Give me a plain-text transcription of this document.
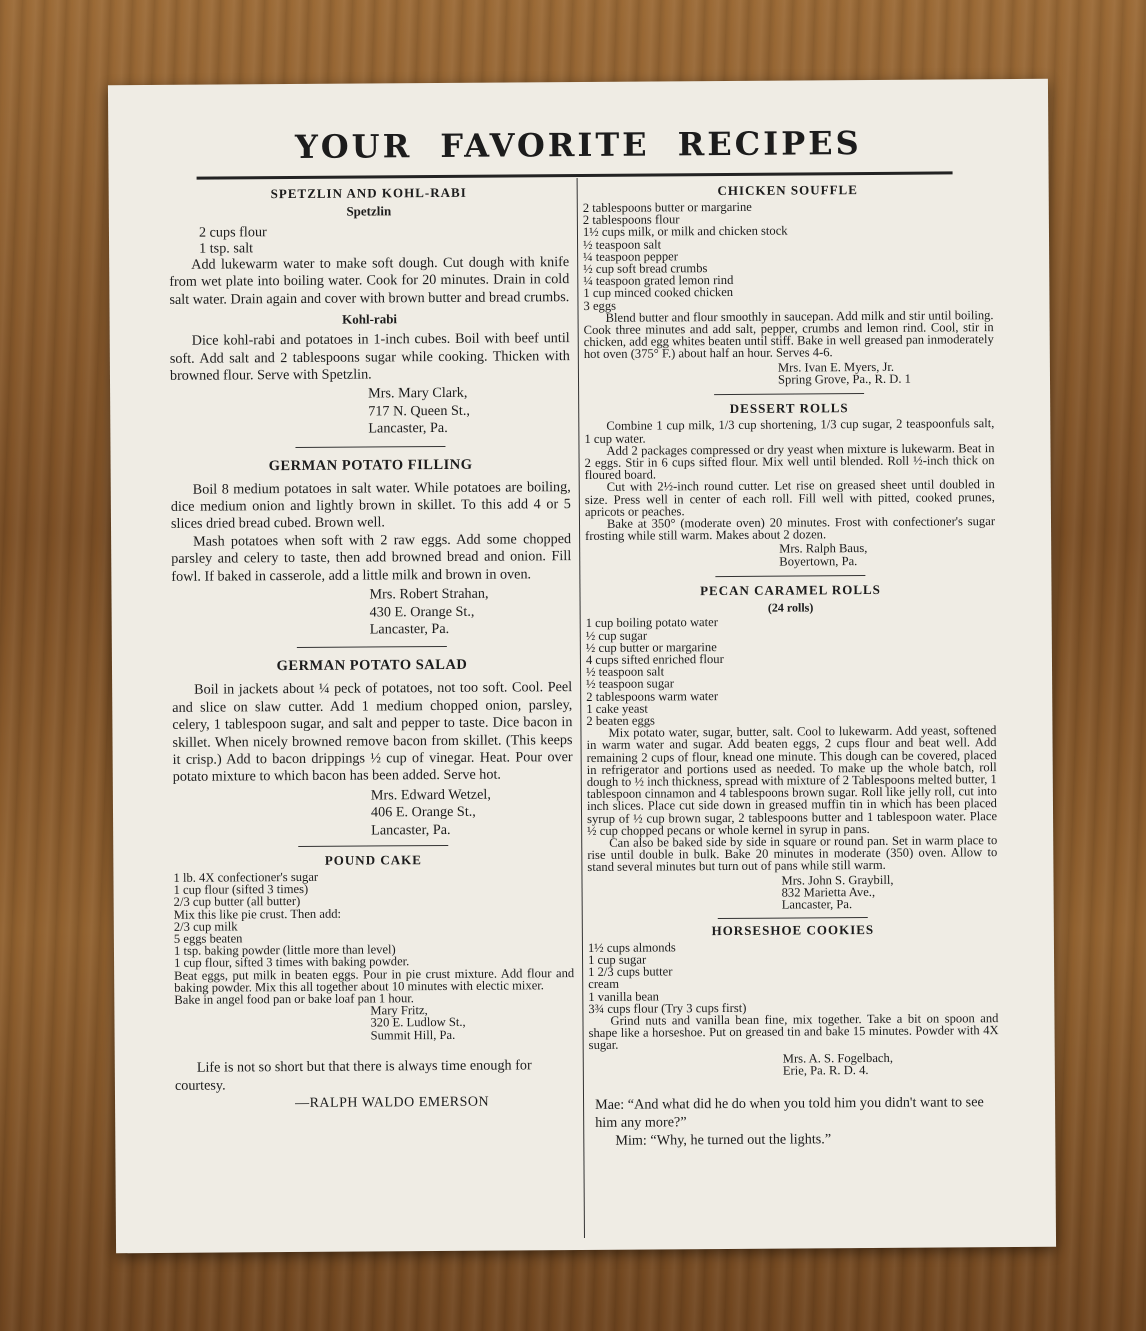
YOUR FAVORITE RECIPES
SPETZLIN AND KOHL-RABI
Spetzlin
2 cups flour
1 tsp. salt

Add lukewarm water to make soft dough. Cut dough with knife from wet plate into boiling water. Cook for 20 minutes. Drain in cold salt water. Drain again and cover with brown butter and bread crumbs.

Kohl-rabi

Dice kohl-rabi and potatoes in 1-inch cubes. Boil with beef until soft. Add salt and 2 tablespoons sugar while cooking. Thicken with browned flour. Serve with Spetzlin.

Mrs. Mary Clark,
717 N. Queen St.,
Lancaster, Pa.
GERMAN POTATO FILLING

Boil 8 medium potatoes in salt water. While potatoes are boiling, dice medium onion and lightly brown in skillet. To this add 4 or 5 slices dried bread cubed. Brown well.

Mash potatoes when soft with 2 raw eggs. Add some chopped parsley and celery to taste, then add browned bread and onion. Fill fowl. If baked in casserole, add a little milk and brown in oven.

Mrs. Robert Strahan,
430 E. Orange St.,
Lancaster, Pa.
GERMAN POTATO SALAD

Boil in jackets about ¼ peck of potatoes, not too soft. Cool. Peel and slice on slaw cutter. Add 1 medium chopped onion, parsley, celery, 1 tablespoon sugar, and salt and pepper to taste. Dice bacon in skillet. When nicely browned remove bacon from skillet. (This keeps it crisp.) Add to bacon drippings ½ cup of vinegar. Heat. Pour over potato mixture to which bacon has been added. Serve hot.

Mrs. Edward Wetzel,
406 E. Orange St.,
Lancaster, Pa.
POUND CAKE
1 lb. 4X confectioner's sugar
1 cup flour (sifted 3 times)
2/3 cup butter (all butter)
Mix this like pie crust. Then add:
2/3 cup milk
5 eggs beaten
1 tsp. baking powder (little more than level)
1 cup flour, sifted 3 times with baking powder.

Beat eggs, put milk in beaten eggs. Pour in pie crust mixture. Add flour and baking powder. Mix this all together about 10 minutes with electic mixer.

Bake in angel food pan or bake loaf pan 1 hour.

Mary Fritz,
320 E. Ludlow St.,
Summit Hill, Pa.

Life is not so short but that there is always time enough for courtesy.

—RALPH WALDO EMERSON
CHICKEN SOUFFLE
2 tablespoons butter or margarine
2 tablespoons flour
1½ cups milk, or milk and chicken stock
½ teaspoon salt
¼ teaspoon pepper
½ cup soft bread crumbs
¼ teaspoon grated lemon rind
1 cup minced cooked chicken
3 eggs

Blend butter and flour smoothly in saucepan. Add milk and stir until boiling. Cook three minutes and add salt, pepper, crumbs and lemon rind. Cool, stir in chicken, add egg whites beaten until stiff. Bake in well greased pan inmoderately hot oven (375° F.) about half an hour. Serves 4-6.

Mrs. Ivan E. Myers, Jr.
Spring Grove, Pa., R. D. 1
DESSERT ROLLS

Combine 1 cup milk, 1/3 cup shortening, 1/3 cup sugar, 2 teaspoonfuls salt, 1 cup water.

Add 2 packages compressed or dry yeast when mixture is lukewarm. Beat in 2 eggs. Stir in 6 cups sifted flour. Mix well until blended. Roll ½-inch thick on floured board.

Cut with 2½-inch round cutter. Let rise on greased sheet until doubled in size. Press well in center of each roll. Fill well with pitted, cooked prunes, apricots or peaches.

Bake at 350° (moderate oven) 20 minutes. Frost with confectioner's sugar frosting while still warm. Makes about 2 dozen.

Mrs. Ralph Baus,
Boyertown, Pa.
PECAN CARAMEL ROLLS
(24 rolls)
1 cup boiling potato water
½ cup sugar
½ cup butter or margarine
4 cups sifted enriched flour
½ teaspoon salt
½ teaspoon sugar
2 tablespoons warm water
1 cake yeast
2 beaten eggs

Mix potato water, sugar, butter, salt. Cool to lukewarm. Add yeast, softened in warm water and sugar. Add beaten eggs, 2 cups flour and beat well. Add remaining 2 cups of flour, knead one minute. This dough can be covered, placed in refrigerator and portions used as needed. To make up the whole batch, roll dough to ½ inch thickness, spread with mixture of 2 Tablespoons melted butter, 1 tablespoon cinnamon and 4 tablespoons brown sugar. Roll like jelly roll, cut into inch slices. Place cut side down in greased muffin tin in which has been placed syrup of ½ cup brown sugar, 2 tablespoons butter and 1 tablespoon water. Place ½ cup chopped pecans or whole kernel in syrup in pans.

Can also be baked side by side in square or round pan. Set in warm place to rise until double in bulk. Bake 20 minutes in moderate (350) oven. Allow to stand several minutes but turn out of pans while still warm.

Mrs. John S. Graybill,
832 Marietta Ave.,
Lancaster, Pa.
HORSESHOE COOKIES
1½ cups almonds
1 cup sugar
1 2/3 cups butter
cream
1 vanilla bean
3¾ cups flour (Try 3 cups first)

Grind nuts and vanilla bean fine, mix together. Take a bit on spoon and shape like a horseshoe. Put on greased tin and bake 15 minutes. Powder with 4X sugar.

Mrs. A. S. Fogelbach,
Erie, Pa. R. D. 4.

Mae: “And what did he do when you told him you didn't want to see him any more?”

Mim: “Why, he turned out the lights.”
